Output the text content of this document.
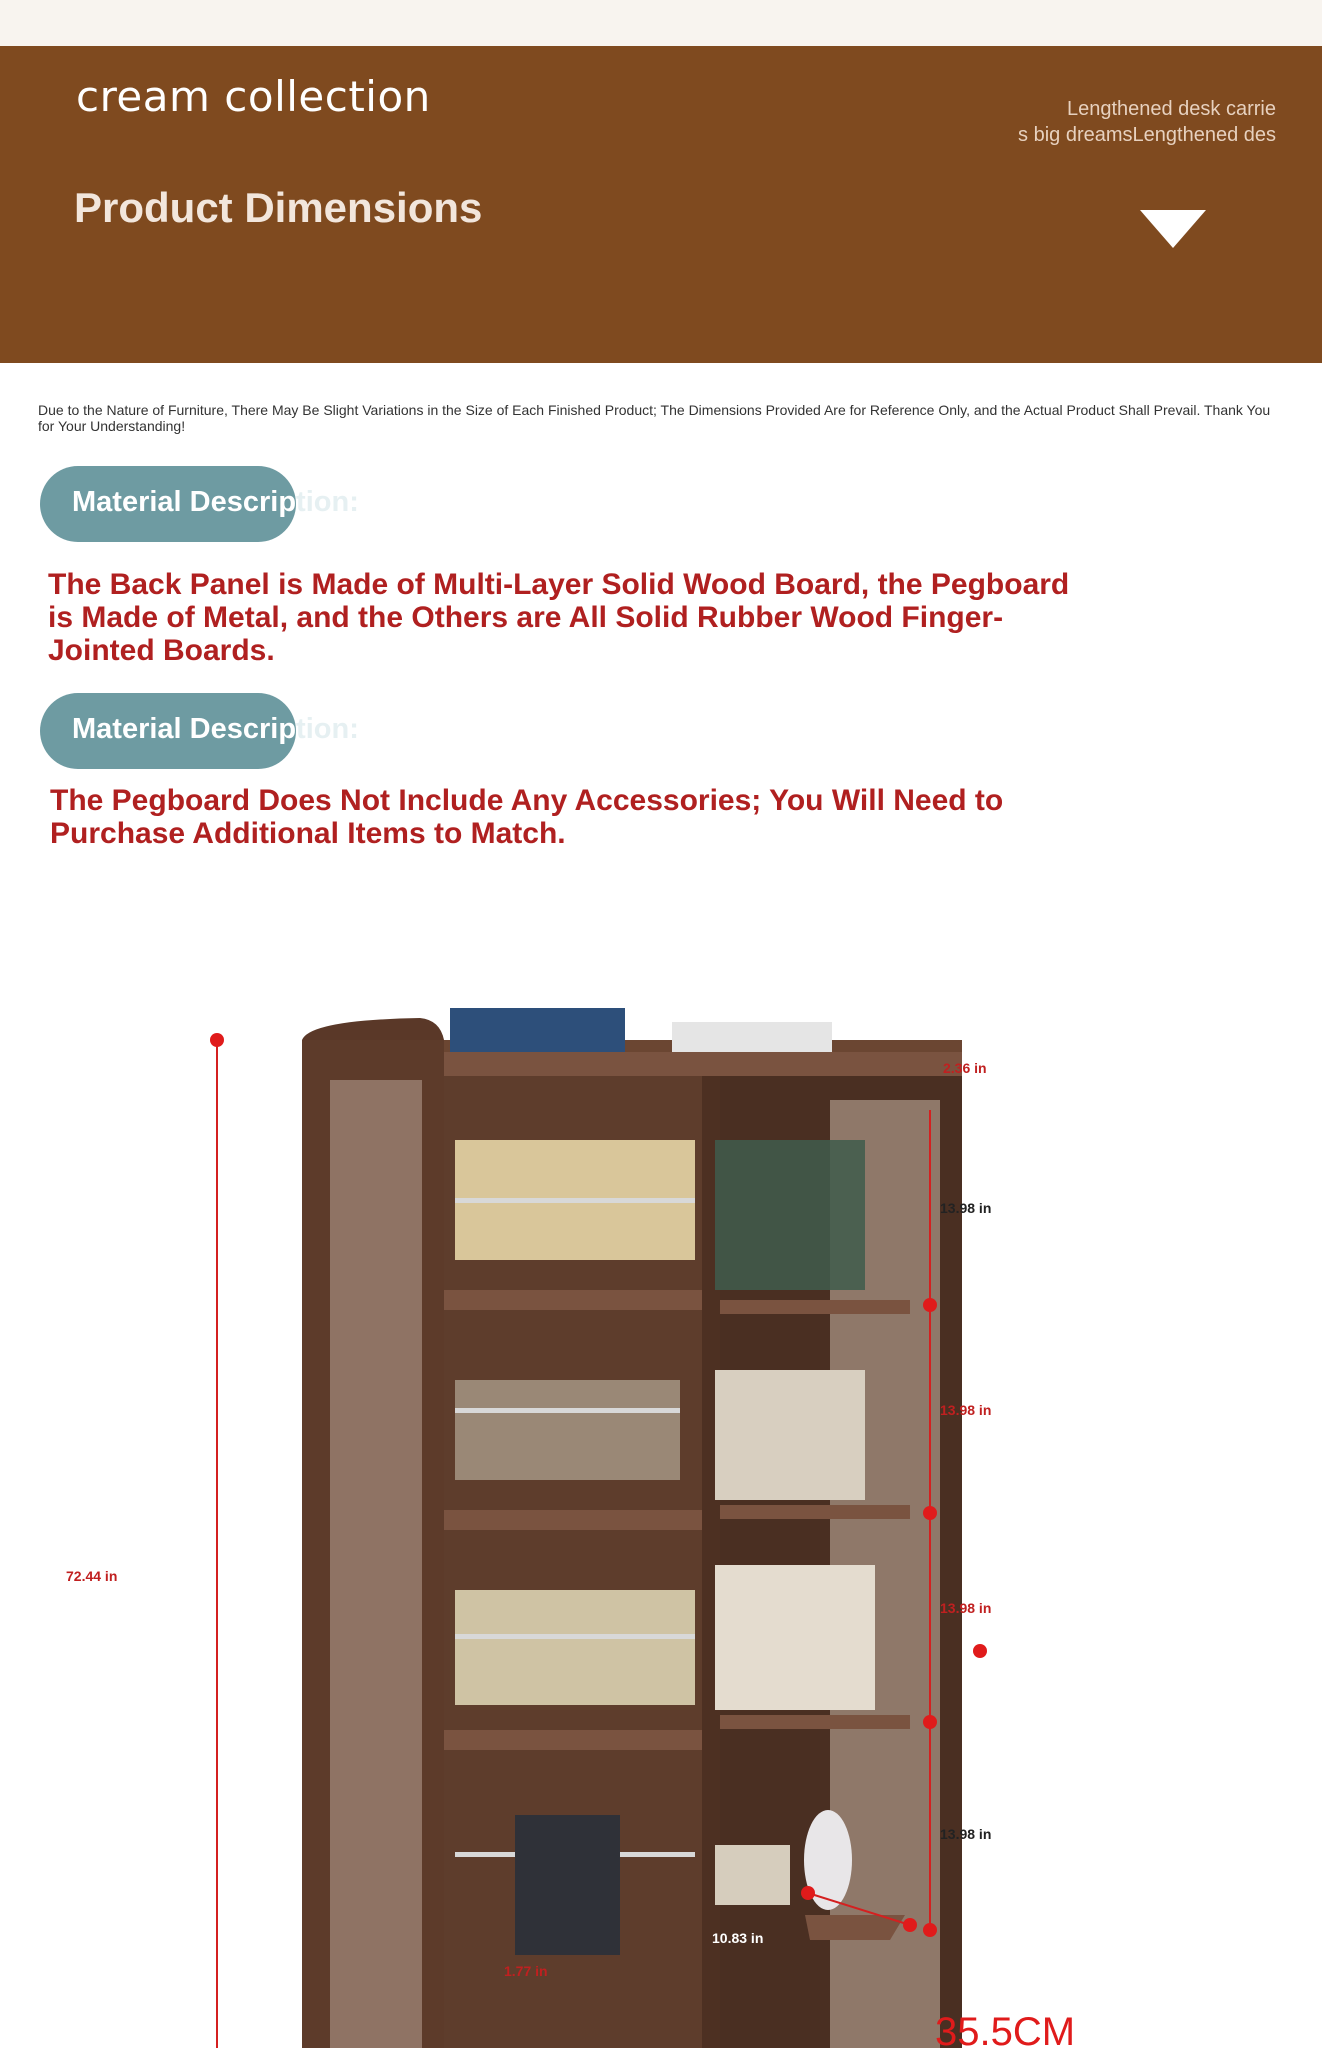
cream collection	Lengthened desk carrie
s big dreamsLengthened des
Product Dimensions
Due to the Nature of Furniture, There May Be Slight Variations in the Size of Each Finished Product; The Dimensions Provided Are for Reference Only, and the Actual Product Shall Prevail. Thank You for Your Understanding!
Material Description:
The Back Panel is Made of Multi-Layer Solid Wood Board, the Pegboard is Made of Metal, and the Others are All Solid Rubber Wood Finger-Jointed Boards.
Material Description:
The Pegboard Does Not Include Any Accessories; You Will Need to Purchase Additional Items to Match.
35.5CM
72.44 in
2.36 in
13.98 in
13.98 in
13.98 in
13.98 in
10.83 in
1.77 in
